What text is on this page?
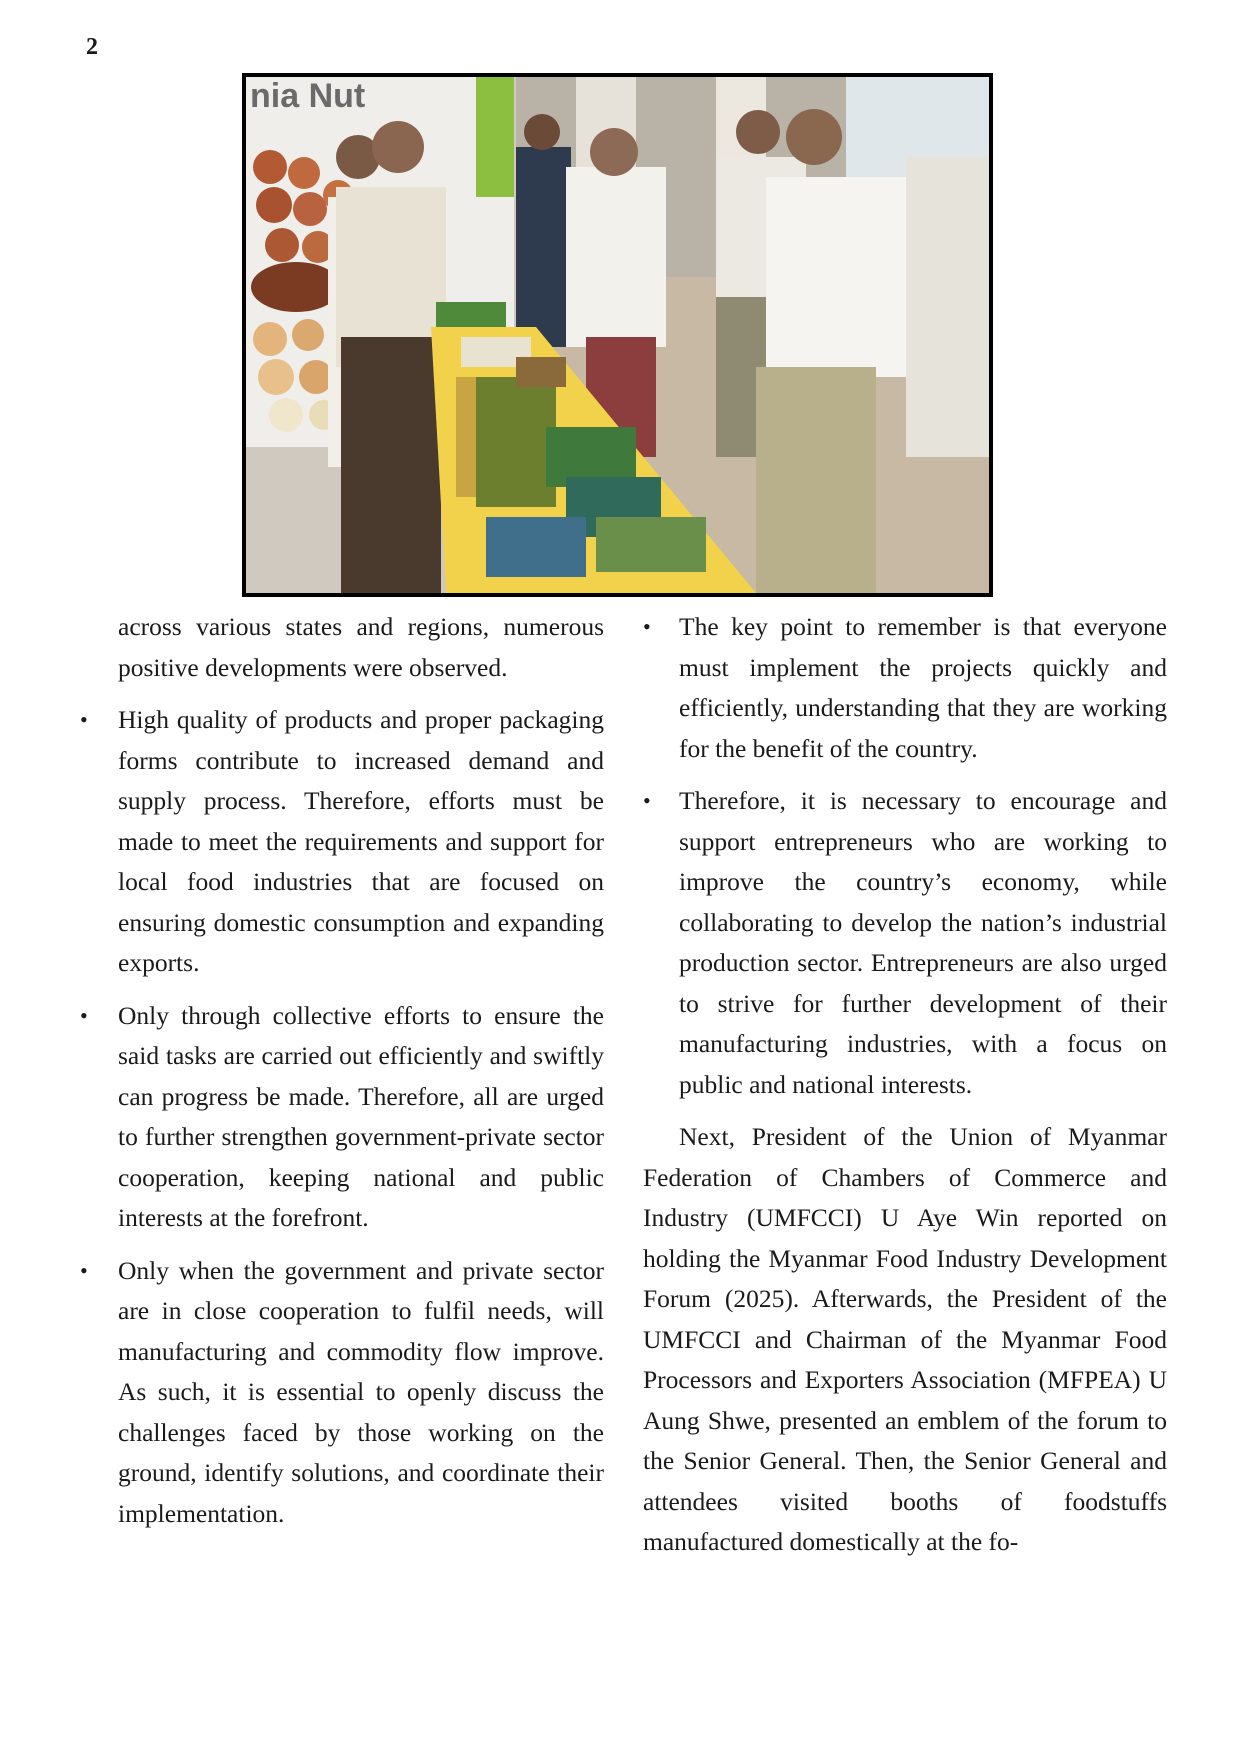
2
nia Nut

across various states and regions, numerous positive developments were observed.

• High quality of products and proper packaging forms contribute to increased demand and supply process. Therefore, efforts must be made to meet the requirements and support for local food industries that are focused on ensuring domestic consumption and expanding exports.
• Only through collective efforts to ensure the said tasks are carried out efficiently and swiftly can progress be made. Therefore, all are urged to further strengthen government-private sector cooperation, keeping national and public interests at the forefront.
• Only when the government and private sector are in close cooperation to fulfil needs, will manufacturing and commodity flow improve. As such, it is essential to openly discuss the challenges faced by those working on the ground, identify solutions, and coordinate their implementation.
• The key point to remember is that everyone must implement the projects quickly and efficiently, understanding that they are working for the benefit of the country.
• Therefore, it is necessary to encourage and support entrepreneurs who are working to improve the country’s economy, while collaborating to develop the nation’s industrial production sector. Entrepreneurs are also urged to strive for further development of their manufacturing industries, with a focus on public and national interests.

Next, President of the Union of Myanmar Federation of Chambers of Commerce and Industry (UMFCCI) U Aye Win reported on holding the Myanmar Food Industry Development Forum (2025). Afterwards, the President of the UMFCCI and Chairman of the Myanmar Food Processors and Exporters Association (MFPEA) U Aung Shwe, presented an emblem of the forum to the Senior General. Then, the Senior General and attendees visited booths of foodstuffs manufactured domestically at the fo-
